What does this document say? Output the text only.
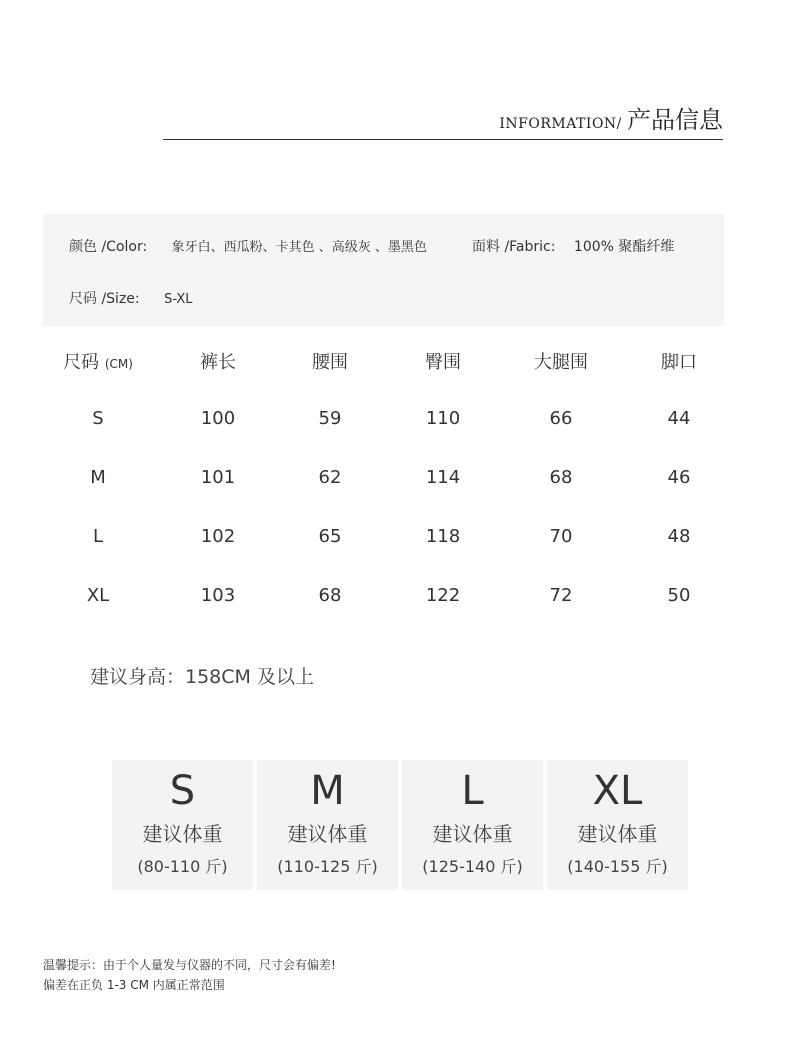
INFORMATION/ 产品信息
颜色 /Color: 象牙白、西瓜粉、卡其色 、高级灰 、墨黑色	面料 /Fabric: 100% 聚酯纤维
尺码 /Size: S-XL
尺码 (CM)	裤长	腰围	臀围	大腿围	脚口
S	100	59	110	66	44
M	101	62	114	68	46
L	102	65	118	70	48
XL	103	68	122	72	50
建议身高：158CM 及以上
S
建议体重
(80-110 斤)
M
建议体重
(110-125 斤)
L
建议体重
(125-140 斤)
XL
建议体重
(140-155 斤)
温馨提示：由于个人量发与仪器的不同，尺寸会有偏差!
偏差在正负 1-3 CM 内属正常范围
